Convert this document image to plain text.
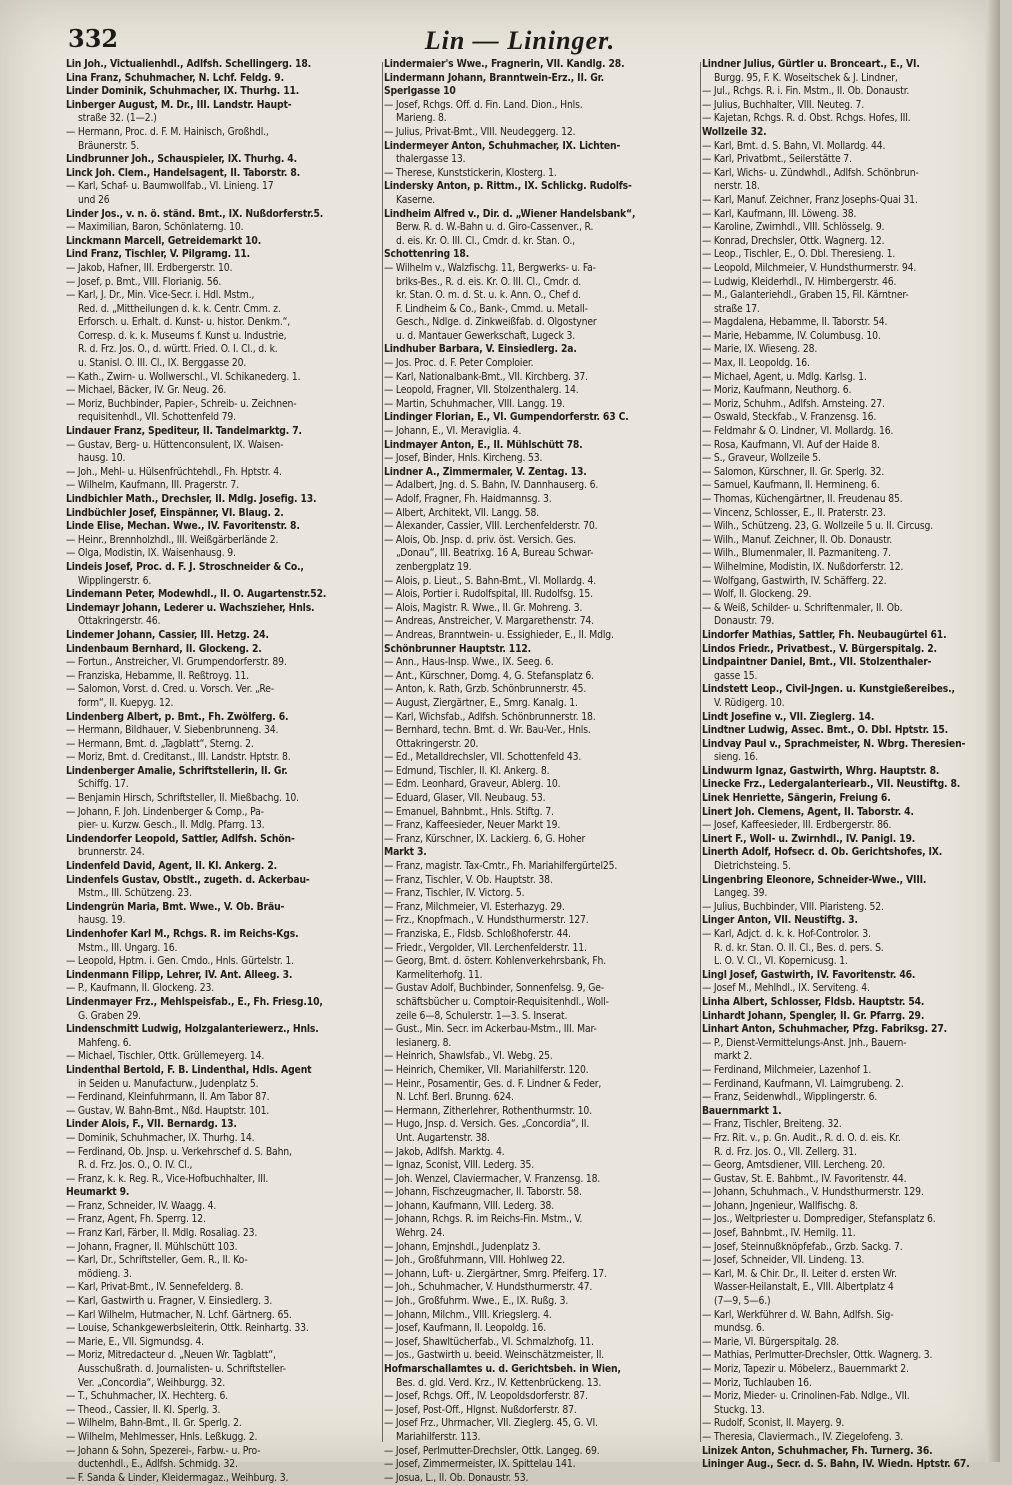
332	Lin — Lininger.
Lin Joh., Victualienhdl., Adlfsh. Schellingerg. 18.
Lina Franz, Schuhmacher, N. Lchf. Feldg. 9.
Linder Dominik, Schuhmacher, IX. Thurhg. 11.
Linberger August, M. Dr., III. Landstr. Haupt-
straße 32. (1—2.)
— Hermann, Proc. d. F. M. Hainisch, Großhdl.,
Bräunerstr. 5.
Lindbrunner Joh., Schauspieler, IX. Thurhg. 4.
Linck Joh. Clem., Handelsagent, II. Taborstr. 8.
— Karl, Schaf- u. Baumwollfab., VI. Linieng. 17
und 26
Linder Jos., v. n. ö. ständ. Bmt., IX. Nußdorferstr.5.
— Maximilian, Baron, Schönlaterng. 10.
Linckmann Marcell, Getreidemarkt 10.
Lind Franz, Tischler, V. Pilgramg. 11.
— Jakob, Hafner, III. Erdbergerstr. 10.
— Josef, p. Bmt., VIII. Florianig. 56.
— Karl, J. Dr., Min. Vice-Secr. i. Hdl. Mstm.,
Red. d. „Mittheilungen d. k. k. Centr. Cmm. z.
Erforsch. u. Erhalt. d. Kunst- u. histor. Denkm.“,
Corresp. d. k. k. Museums f. Kunst u. Industrie,
R. d. Frz. Jos. O., d. württ. Fried. O. I. Cl., d. k.
u. Stanisl. O. III. Cl., IX. Berggasse 20.
— Kath., Zwirn- u. Wollwerschl., VI. Schikanederg. 1.
— Michael, Bäcker, IV. Gr. Neug. 26.
— Moriz, Buchbinder, Papier-, Schreib- u. Zeichnen-
requisitenhdl., VII. Schottenfeld 79.
Lindauer Franz, Spediteur, II. Tandelmarktg. 7.
— Gustav, Berg- u. Hüttenconsulent, IX. Waisen-
hausg. 10.
— Joh., Mehl- u. Hülsenfrüchtehdl., Fh. Hptstr. 4.
— Wilhelm, Kaufmann, III. Pragerstr. 7.
Lindbichler Math., Drechsler, II. Mdlg. Josefig. 13.
Lindbüchler Josef, Einspänner, VI. Blaug. 2.
Linde Elise, Mechan. Wwe., IV. Favoritenstr. 8.
— Heinr., Brennholzhdl., III. Weißgärberlände 2.
— Olga, Modistin, IX. Waisenhausg. 9.
Lindeis Josef, Proc. d. F. J. Stroschneider & Co.,
Wipplingerstr. 6.
Lindemann Peter, Modewhdl., II. O. Augartenstr.52.
Lindemayr Johann, Lederer u. Wachszieher, Hnls.
Ottakringerstr. 46.
Lindemer Johann, Cassier, III. Hetzg. 24.
Lindenbaum Bernhard, II. Glockeng. 2.
— Fortun., Anstreicher, VI. Grumpendorferstr. 89.
— Franziska, Hebamme, II. Reßtroyg. 11.
— Salomon, Vorst. d. Cred. u. Vorsch. Ver. „Re-
form“, II. Kuepyg. 12.
Lindenberg Albert, p. Bmt., Fh. Zwölferg. 6.
— Hermann, Bildhauer, V. Siebenbrunneng. 34.
— Hermann, Bmt. d. „Tagblatt“, Sterng. 2.
— Moriz, Bmt. d. Creditanst., III. Landstr. Hptstr. 8.
Lindenberger Amalie, Schriftstellerin, II. Gr.
Schiffg. 17.
— Benjamin Hirsch, Schriftsteller, II. Mießbachg. 10.
— Johann, F. Joh. Lindenberger & Comp., Pa-
pier- u. Kurzw. Gesch., II. Mdlg. Pfarrg. 13.
Lindendorfer Leopold, Sattler, Adlfsh. Schön-
brunnerstr. 24.
Lindenfeld David, Agent, II. Kl. Ankerg. 2.
Lindenfels Gustav, Obstlt., zugeth. d. Ackerbau-
Mstm., III. Schützeng. 23.
Lindengrün Maria, Bmt. Wwe., V. Ob. Bräu-
hausg. 19.
Lindenhofer Karl M., Rchgs. R. im Reichs-Kgs.
Mstm., III. Ungarg. 16.
— Leopold, Hptm. i. Gen. Cmdo., Hnls. Gürtelstr. 1.
Lindenmann Filipp, Lehrer, IV. Ant. Alleeg. 3.
— P., Kaufmann, II. Glockeng. 23.
Lindenmayer Frz., Mehlspeisfab., E., Fh. Friesg.10,
G. Graben 29.
Lindenschmitt Ludwig, Holzgalanteriewerz., Hnls.
Mahfeng. 6.
— Michael, Tischler, Ottk. Grüllemeyerg. 14.
Lindenthal Bertold, F. B. Lindenthal, Hdls. Agent
in Seiden u. Manufacturw., Judenplatz 5.
— Ferdinand, Kleinfuhrmann, II. Am Tabor 87.
— Gustav, W. Bahn-Bmt., Nßd. Hauptstr. 101.
Linder Alois, F., VII. Bernardg. 13.
— Dominik, Schuhmacher, IX. Thurhg. 14.
— Ferdinand, Ob. Jnsp. u. Verkehrschef d. S. Bahn,
R. d. Frz. Jos. O., O. IV. Cl.,
— Franz, k. k. Reg. R., Vice-Hofbuchhalter, III.
Heumarkt 9.
— Franz, Schneider, IV. Waagg. 4.
— Franz, Agent, Fh. Sperrg. 12.
— Franz Karl, Färber, II. Mdlg. Rosaliag. 23.
— Johann, Fragner, II. Mühlschütt 103.
— Karl, Dr., Schriftsteller, Gem. R., II. Ko-
mödieng. 3.
— Karl, Privat-Bmt., IV. Sennefelderg. 8.
— Karl, Gastwirth u. Fragner, V. Einsiedlerg. 3.
— Karl Wilhelm, Hutmacher, N. Lchf. Gärtnerg. 65.
— Louise, Schankgewerbsleiterin, Ottk. Reinhartg. 33.
— Marie, E., VII. Sigmundsg. 4.
— Moriz, Mitredacteur d. „Neuen Wr. Tagblatt“,
Ausschußrath. d. Journalisten- u. Schriftsteller-
Ver. „Concordia“, Weihburgg. 32.
— T., Schuhmacher, IX. Hechterg. 6.
— Theod., Cassier, II. Kl. Sperlg. 3.
— Wilhelm, Bahn-Bmt., II. Gr. Sperlg. 2.
— Wilhelm, Mehlmesser, Hnls. Leßkugg. 2.
— Johann & Sohn, Spezerei-, Farbw.- u. Pro-
ductenhdl., E., Adlfsh. Schmidg. 32.
— F. Sanda & Linder, Kleidermagaz., Weihburg. 3.
Lindermaier's Wwe., Fragnerin, VII. Kandlg. 28.
Lindermann Johann, Branntwein-Erz., II. Gr.
Sperlgasse 10
— Josef, Rchgs. Off. d. Fin. Land. Dion., Hnls.
Marieng. 8.
— Julius, Privat-Bmt., VIII. Neudeggerg. 12.
Lindermeyer Anton, Schuhmacher, IX. Lichten-
thalergasse 13.
— Therese, Kunststickerin, Klosterg. 1.
Lindersky Anton, p. Rittm., IX. Schlickg. Rudolfs-
Kaserne.
Lindheim Alfred v., Dir. d. „Wiener Handelsbank“,
Berw. R. d. W.-Bahn u. d. Giro-Cassenver., R.
d. eis. Kr. O. III. Cl., Cmdr. d. kr. Stan. O.,
Schottenring 18.
— Wilhelm v., Walzfischg. 11, Bergwerks- u. Fa-
briks-Bes., R. d. eis. Kr. O. III. Cl., Cmdr. d.
kr. Stan. O. m. d. St. u. k. Ann. O., Chef d.
F. Lindheim & Co., Bank-, Cmmd. u. Metall-
Gesch., Ndlge. d. Zinkweißfab. d. Olgostyner
u. d. Mantauer Gewerkschaft, Lugeck 3.
Lindhuber Barbara, V. Einsiedlerg. 2a.
— Jos. Proc. d. F. Peter Comploier.
— Karl, Nationalbank-Bmt., VII. Kirchberg. 37.
— Leopold, Fragner, VII. Stolzenthalerg. 14.
— Martin, Schuhmacher, VIII. Langg. 19.
Lindinger Florian, E., VI. Gumpendorferstr. 63 C.
— Johann, E., VI. Meraviglia. 4.
Lindmayer Anton, E., II. Mühlschütt 78.
— Josef, Binder, Hnls. Kircheng. 53.
Lindner A., Zimmermaler, V. Zentag. 13.
— Adalbert, Jng. d. S. Bahn, IV. Dannhauserg. 6.
— Adolf, Fragner, Fh. Haidmannsg. 3.
— Albert, Architekt, VII. Langg. 58.
— Alexander, Cassier, VIII. Lerchenfelderstr. 70.
— Alois, Ob. Jnsp. d. priv. öst. Versich. Ges.
„Donau“, III. Beatrixg. 16 A, Bureau Schwar-
zenbergplatz 19.
— Alois, p. Lieut., S. Bahn-Bmt., VI. Mollardg. 4.
— Alois, Portier i. Rudolfspital, III. Rudolfsg. 15.
— Alois, Magistr. R. Wwe., II. Gr. Mohreng. 3.
— Andreas, Anstreicher, V. Margarethenstr. 74.
— Andreas, Branntwein- u. Essighieder, E., II. Mdlg.
Schönbrunner Hauptstr. 112.
— Ann., Haus-Insp. Wwe., IX. Seeg. 6.
— Ant., Kürschner, Domg. 4, G. Stefansplatz 6.
— Anton, k. Rath, Grzb. Schönbrunnerstr. 45.
— August, Ziergärtner, E., Smrg. Kanalg. 1.
— Karl, Wichsfab., Adlfsh. Schönbrunnerstr. 18.
— Bernhard, techn. Bmt. d. Wr. Bau-Ver., Hnls.
Ottakringerstr. 20.
— Ed., Metalldrechsler, VII. Schottenfeld 43.
— Edmund, Tischler, II. Kl. Ankerg. 8.
— Edm. Leonhard, Graveur, Ablerg. 10.
— Eduard, Glaser, VII. Neubaug. 53.
— Emanuel, Bahnbmt., Hnls. Stiftg. 7.
— Franz, Kaffeesieder, Neuer Markt 19.
— Franz, Kürschner, IX. Lackierg. 6, G. Hoher
Markt 3.
— Franz, magistr. Tax-Cmtr., Fh. Mariahilfergürtel25.
— Franz, Tischler, V. Ob. Hauptstr. 38.
— Franz, Tischler, IV. Victorg. 5.
— Franz, Milchmeier, VI. Esterhazyg. 29.
— Frz., Knopfmach., V. Hundsthurmerstr. 127.
— Franziska, E., Fldsb. Schloßhoferstr. 44.
— Friedr., Vergolder, VII. Lerchenfelderstr. 11.
— Georg, Bmt. d. österr. Kohlenverkehrsbank, Fh.
Karmeliterhofg. 11.
— Gustav Adolf, Buchbinder, Sonnenfelsg. 9, Ge-
schäftsbücher u. Comptoir-Requisitenhdl., Woll-
zeile 6—8, Schulerstr. 1—3. S. Inserat.
— Gust., Min. Secr. im Ackerbau-Mstm., III. Mar-
lesianerg. 8.
— Heinrich, Shawlsfab., VI. Webg. 25.
— Heinrich, Chemiker, VII. Mariahilferstr. 120.
— Heinr., Posamentir, Ges. d. F. Lindner & Feder,
N. Lchf. Berl. Brunng. 624.
— Hermann, Zitherlehrer, Rothenthurmstr. 10.
— Hugo, Jnsp. d. Versich. Ges. „Concordia“, II.
Unt. Augartenstr. 38.
— Jakob, Adlfsh. Marktg. 4.
— Ignaz, Sconist, VIII. Lederg. 35.
— Joh. Wenzel, Claviermacher, V. Franzensg. 18.
— Johann, Fischzeugmacher, II. Taborstr. 58.
— Johann, Kaufmann, VIII. Lederg. 38.
— Johann, Rchgs. R. im Reichs-Fin. Mstm., V.
Wehrg. 24.
— Johann, Emjnshdl., Judenplatz 3.
— Joh., Großfuhrmann, VIII. Hohlweg 22.
— Johann, Luft- u. Ziergärtner, Smrg. Pfeiferg. 17.
— Joh., Schuhmacher, V. Hundsthurmerstr. 47.
— Joh., Großfuhrm. Wwe., E., IX. Rußg. 3.
— Johann, Milchm., VIII. Kriegslerg. 4.
— Josef, Kaufmann, II. Leopoldg. 16.
— Josef, Shawltücherfab., VI. Schmalzhofg. 11.
— Jos., Gastwirth u. beeid. Weinschätzmeister, II.
Hofmarschallamtes u. d. Gerichtsbeh. in Wien,
Bes. d. gld. Verd. Krz., IV. Kettenbrückeng. 13.
— Josef, Rchgs. Off., IV. Leopoldsdorferstr. 87.
— Josef, Post-Off., Hlgnst. Nußdorferstr. 87.
— Josef Frz., Uhrmacher, VII. Zieglerg. 45, G. VI.
Mariahilferstr. 113.
— Josef, Perlmutter-Drechsler, Ottk. Langeg. 69.
— Josef, Zimmermeister, IX. Spittelau 141.
— Josua, L., II. Ob. Donaustr. 53.
Lindner Julius, Gürtler u. Bronceart., E., VI.
Burgg. 95, F. K. Woseitschek & J. Lindner,
— Jul., Rchgs. R. i. Fin. Mstm., II. Ob. Donaustr.
— Julius, Buchhalter, VIII. Neuteg. 7.
— Kajetan, Rchgs. R. d. Obst. Rchgs. Hofes, III.
Wollzeile 32.
— Karl, Bmt. d. S. Bahn, VI. Mollardg. 44.
— Karl, Privatbmt., Seilerstätte 7.
— Karl, Wichs- u. Zündwhdl., Adlfsh. Schönbrun-
nerstr. 18.
— Karl, Manuf. Zeichner, Franz Josephs-Quai 31.
— Karl, Kaufmann, III. Löweng. 38.
— Karoline, Zwirnhdl., VIII. Schlösselg. 9.
— Konrad, Drechsler, Ottk. Wagnerg. 12.
— Leop., Tischler, E., O. Dbl. Theresieng. 1.
— Leopold, Milchmeier, V. Hundsthurmerstr. 94.
— Ludwig, Kleiderhdl., IV. Himbergerstr. 46.
— M., Galanteriehdl., Graben 15, Fil. Kärntner-
straße 17.
— Magdalena, Hebamme, II. Taborstr. 54.
— Marie, Hebamme, IV. Columbusg. 10.
— Marie, IX. Wieseng. 28.
— Max, II. Leopoldg. 16.
— Michael, Agent, u. Mdlg. Karlsg. 1.
— Moriz, Kaufmann, Neuthorg. 6.
— Moriz, Schuhm., Adlfsh. Arnsteing. 27.
— Oswald, Steckfab., V. Franzensg. 16.
— Feldmahr & O. Lindner, VI. Mollardg. 16.
— Rosa, Kaufmann, VI. Auf der Haide 8.
— S., Graveur, Wollzeile 5.
— Salomon, Kürschner, II. Gr. Sperlg. 32.
— Samuel, Kaufmann, II. Hermineng. 6.
— Thomas, Küchengärtner, II. Freudenau 85.
— Vincenz, Schlosser, E., II. Praterstr. 23.
— Wilh., Schützeng. 23, G. Wollzeile 5 u. II. Circusg.
— Wilh., Manuf. Zeichner, II. Ob. Donaustr.
— Wilh., Blumenmaler, II. Pazmaniteng. 7.
— Wilhelmine, Modistin, IX. Nußdorferstr. 12.
— Wolfgang, Gastwirth, IV. Schäfferg. 22.
— Wolf, II. Glockeng. 29.
— & Weiß, Schilder- u. Schriftenmaler, II. Ob.
Donaustr. 79.
Lindorfer Mathias, Sattler, Fh. Neubaugürtel 61.
Lindos Friedr., Privatbest., V. Bürgerspitalg. 2.
Lindpaintner Daniel, Bmt., VII. Stolzenthaler-
gasse 15.
Lindstett Leop., Civil-Jngen. u. Kunstgießereibes.,
V. Rüdigerg. 10.
Lindt Josefine v., VII. Zieglerg. 14.
Lindtner Ludwig, Assec. Bmt., O. Dbl. Hptstr. 15.
Lindvay Paul v., Sprachmeister, N. Wbrg. Theresien-
sieng. 16.
Lindwurm Ignaz, Gastwirth, Whrg. Hauptstr. 8.
Linecke Frz., Ledergalanteriearb., VII. Neustiftg. 8.
Linek Henriette, Sängerin, Freiung 6.
Linert Joh. Clemens, Agent, II. Taborstr. 4.
— Josef, Kaffeesieder, III. Erdbergerstr. 86.
Linert F., Woll- u. Zwirnhdl., IV. Panigl. 19.
Linerth Adolf, Hofsecr. d. Ob. Gerichtshofes, IX.
Dietrichsteing. 5.
Lingenbring Eleonore, Schneider-Wwe., VIII.
Langeg. 39.
— Julius, Buchbinder, VIII. Piaristeng. 52.
Linger Anton, VII. Neustiftg. 3.
— Karl, Adjct. d. k. k. Hof-Controlor. 3.
R. d. kr. Stan. O. II. Cl., Bes. d. pers. S.
L. O. V. Cl., VI. Kopernicusg. 1.
Lingl Josef, Gastwirth, IV. Favoritenstr. 46.
— Josef M., Mehlhdl., IX. Serviteng. 4.
Linha Albert, Schlosser, Fldsb. Hauptstr. 54.
Linhardt Johann, Spengler, II. Gr. Pfarrg. 29.
Linhart Anton, Schuhmacher, Pfzg. Fabriksg. 27.
— P., Dienst-Vermittelungs-Anst. Jnh., Bauern-
markt 2.
— Ferdinand, Milchmeier, Lazenhof 1.
— Ferdinand, Kaufmann, VI. Laimgrubeng. 2.
— Franz, Seidenwhdl., Wipplingerstr. 6.
Bauernmarkt 1.
— Franz, Tischler, Breiteng. 32.
— Frz. Rit. v., p. Gn. Audit., R. d. O. d. eis. Kr.
R. d. Frz. Jos. O., VII. Zellerg. 31.
— Georg, Amtsdiener, VIII. Lercheng. 20.
— Gustav, St. E. Bahbmt., IV. Favoritenstr. 44.
— Johann, Schuhmach., V. Hundsthurmerstr. 129.
— Johann, Jngenieur, Wallfischg. 8.
— Jos., Weltpriester u. Domprediger, Stefansplatz 6.
— Josef, Bahnbmt., IV. Hernilg. 11.
— Josef, Steinnußknöpfefab., Grzb. Sackg. 7.
— Josef, Schneider, VII. Lindeng. 13.
— Karl, M. & Chir. Dr., II. Leiter d. ersten Wr.
Wasser-Heilanstalt, E., VIII. Albertplatz 4
(7—9, 5—6.)
— Karl, Werkführer d. W. Bahn, Adlfsh. Sig-
mundsg. 6.
— Marie, VI. Bürgerspitalg. 28.
— Mathias, Perlmutter-Drechsler, Ottk. Wagnerg. 3.
— Moriz, Tapezir u. Möbelerz., Bauernmarkt 2.
— Moriz, Tuchlauben 16.
— Moriz, Mieder- u. Crinolinen-Fab. Ndlge., VII.
Stuckg. 13.
— Rudolf, Sconist, II. Mayerg. 9.
— Theresia, Claviermach., IV. Ziegelofeng. 3.
Linizek Anton, Schuhmacher, Fh. Turnerg. 36.
Lininger Aug., Secr. d. S. Bahn, IV. Wiedn. Hptstr. 67.
